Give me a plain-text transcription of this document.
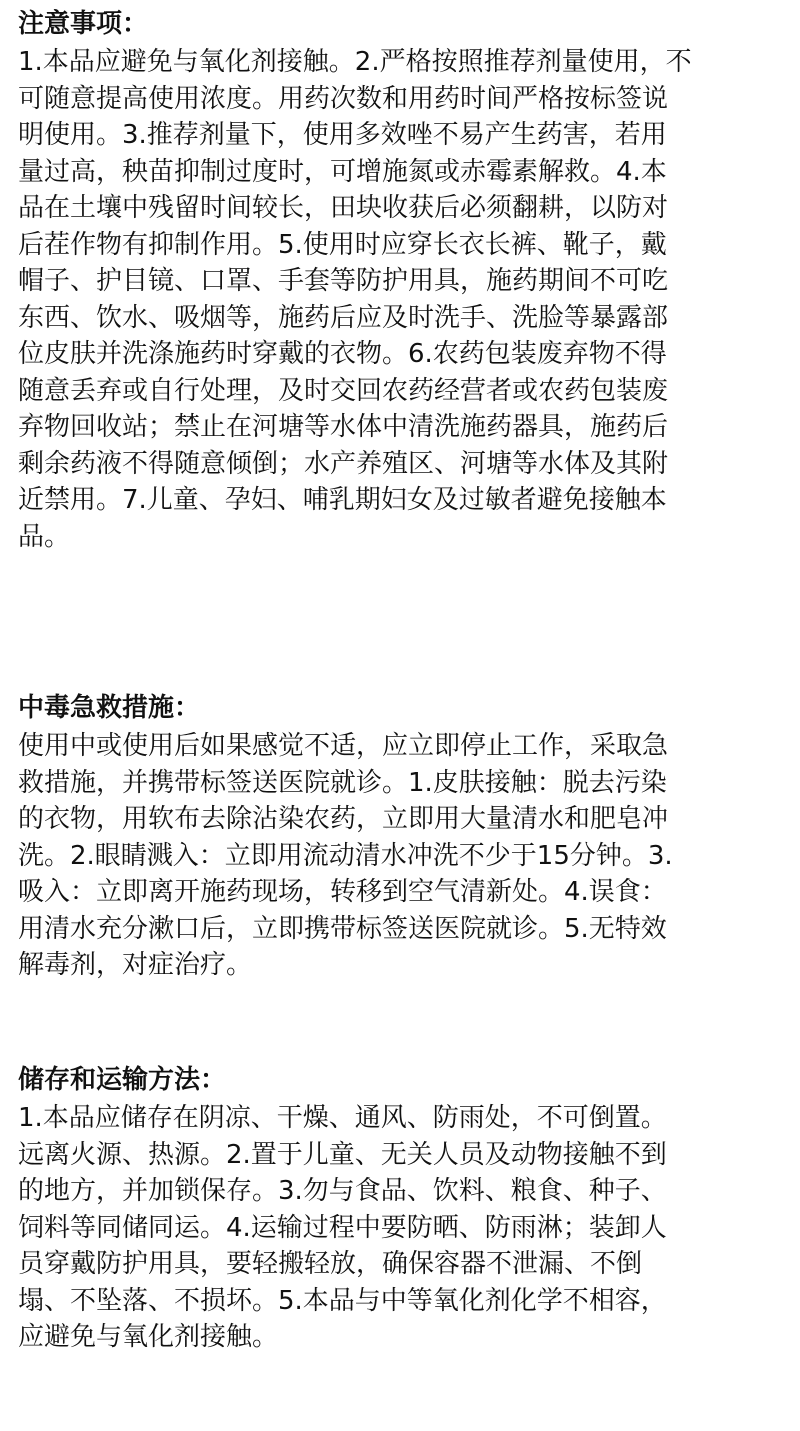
注意事项：
1.本品应避免与氧化剂接触。2.严格按照推荐剂量使用，不
可随意提高使用浓度。用药次数和用药时间严格按标签说
明使用。3.推荐剂量下，使用多效唑不易产生药害，若用
量过高，秧苗抑制过度时，可增施氮或赤霉素解救。4.本
品在土壤中残留时间较长，田块收获后必须翻耕，以防对
后茬作物有抑制作用。5.使用时应穿长衣长裤、靴子，戴
帽子、护目镜、口罩、手套等防护用具，施药期间不可吃
东西、饮水、吸烟等，施药后应及时洗手、洗脸等暴露部
位皮肤并洗涤施药时穿戴的衣物。6.农药包装废弃物不得
随意丢弃或自行处理，及时交回农药经营者或农药包装废
弃物回收站；禁止在河塘等水体中清洗施药器具，施药后
剩余药液不得随意倾倒；水产养殖区、河塘等水体及其附
近禁用。7.儿童、孕妇、哺乳期妇女及过敏者避免接触本
品。
中毒急救措施：
使用中或使用后如果感觉不适，应立即停止工作，采取急
救措施，并携带标签送医院就诊。1.皮肤接触：脱去污染
的衣物，用软布去除沾染农药，立即用大量清水和肥皂冲
洗。2.眼睛溅入：立即用流动清水冲洗不少于15分钟。3.
吸入：立即离开施药现场，转移到空气清新处。4.误食：
用清水充分漱口后，立即携带标签送医院就诊。5.无特效
解毒剂，对症治疗。
储存和运输方法：
1.本品应储存在阴凉、干燥、通风、防雨处，不可倒置。
远离火源、热源。2.置于儿童、无关人员及动物接触不到
的地方，并加锁保存。3.勿与食品、饮料、粮食、种子、
饲料等同储同运。4.运输过程中要防晒、防雨淋；装卸人
员穿戴防护用具，要轻搬轻放，确保容器不泄漏、不倒
塌、不坠落、不损坏。5.本品与中等氧化剂化学不相容，
应避免与氧化剂接触。
